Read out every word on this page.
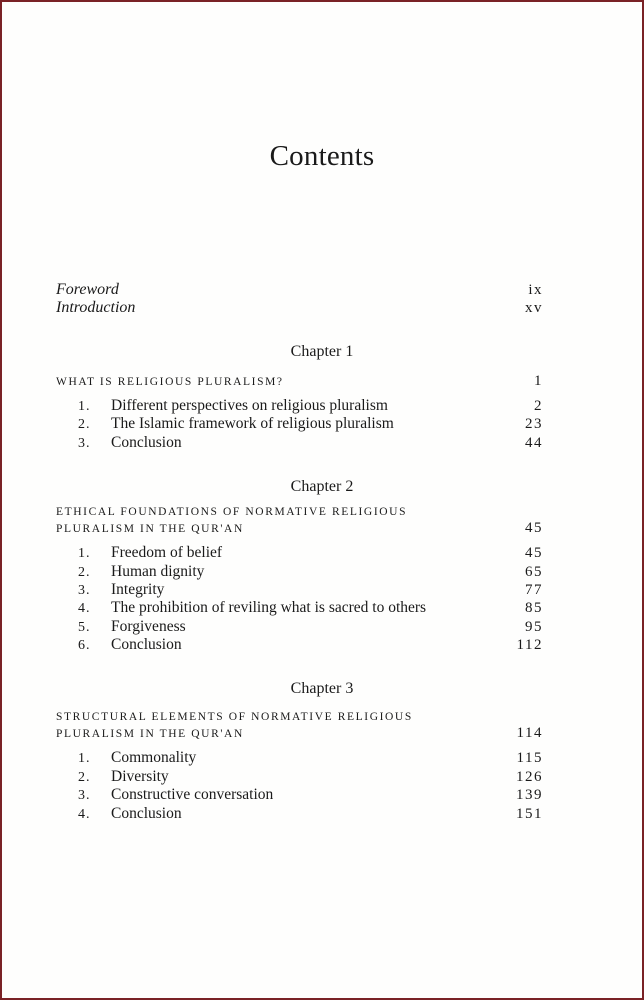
Contents
Foreword	ix
Introduction	xv
Chapter 1
WHAT IS RELIGIOUS PLURALISM?	1
1.	Different perspectives on religious pluralism	2
2.	The Islamic framework of religious pluralism	23
3.	Conclusion	44
Chapter 2
ETHICAL FOUNDATIONS OF NORMATIVE RELIGIOUS
PLURALISM IN THE QUR'AN	45
1.	Freedom of belief	45
2.	Human dignity	65
3.	Integrity	77
4.	The prohibition of reviling what is sacred to others	85
5.	Forgiveness	95
6.	Conclusion	112
Chapter 3
STRUCTURAL ELEMENTS OF NORMATIVE RELIGIOUS
PLURALISM IN THE QUR'AN	114
1.	Commonality	115
2.	Diversity	126
3.	Constructive conversation	139
4.	Conclusion	151
